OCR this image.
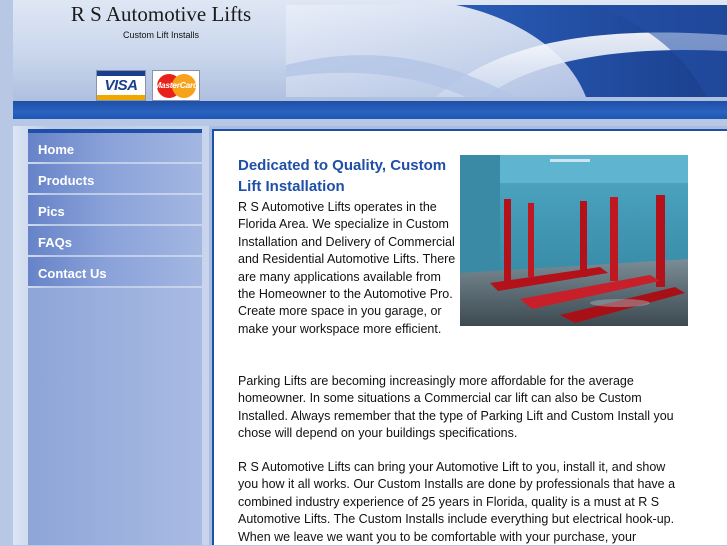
R S Automotive Lifts
Custom Lift Installs
VISA	MasterCard
Home
Products
Pics
FAQs
Contact Us
Dedicated to Quality, Custom Lift Installation

R S Automotive Lifts operates in the Florida Area. We specialize in Custom Installation and Delivery of Commercial and Residential Automotive Lifts. There are many applications available from the Homeowner to the Automotive Pro. Create more space in you garage, or make your workspace more efficient.

Parking Lifts are becoming increasingly more affordable for the average homeowner. In some situations a Commercial car lift can also be Custom Installed. Always remember that the type of Parking Lift and Custom Install you chose will depend on your buildings specifications.

R S Automotive Lifts can bring your Automotive Lift to you, install it, and show you how it all works. Our Custom Installs are done by professionals that have a combined industry experience of 25 years in Florida, quality is a must at R S Automotive Lifts. The Custom Installs include everything but electrical hook-up. When we leave we want you to be comfortable with your purchase, your
